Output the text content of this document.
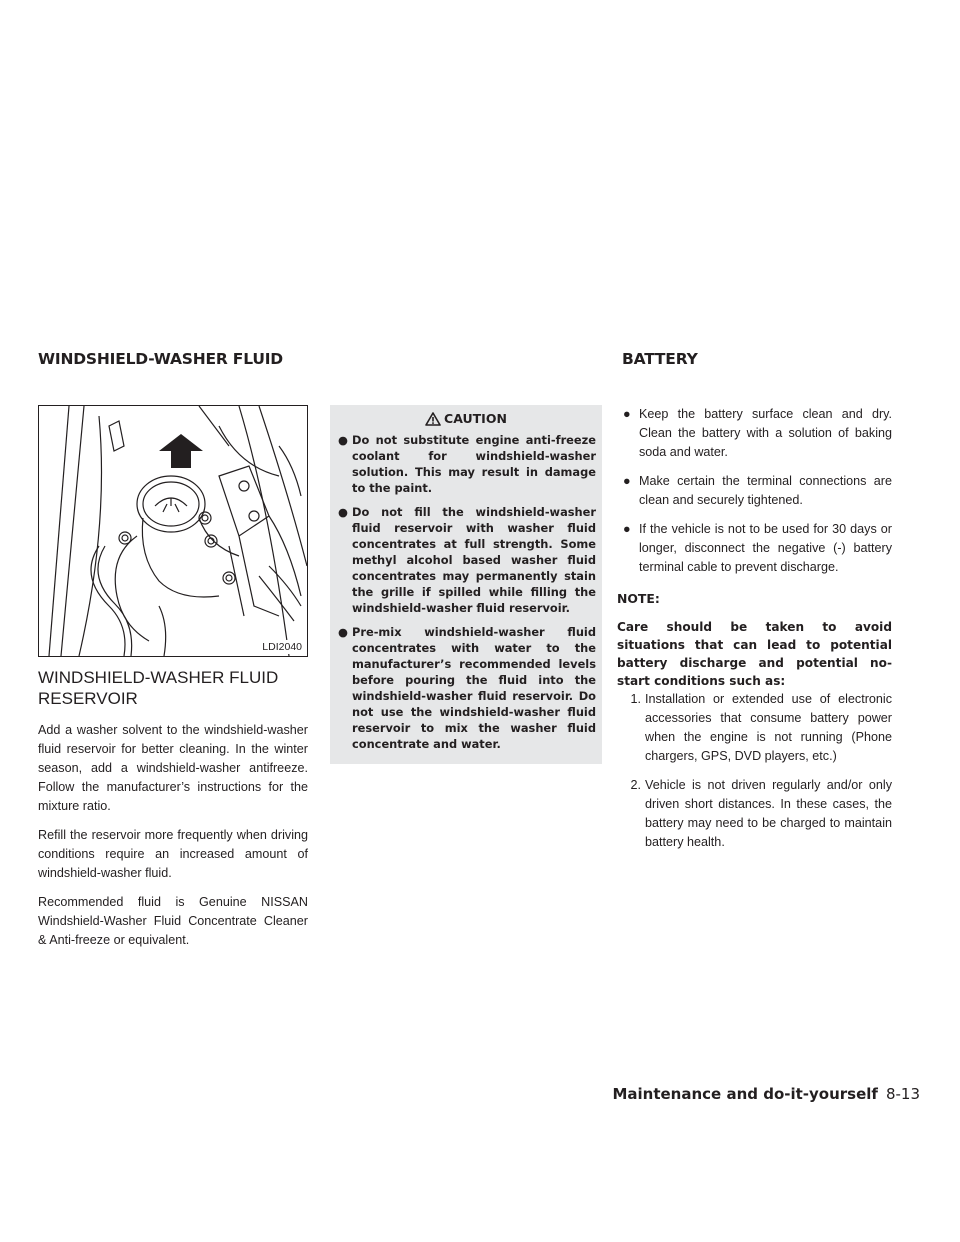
WINDSHIELD-WASHER FLUID	BATTERY
LDI2040
WINDSHIELD-WASHER FLUID RESERVOIR

Add a washer solvent to the windshield-washer fluid reservoir for better cleaning. In the winter season, add a windshield-washer antifreeze. Follow the manufacturer’s instructions for the mixture ratio.

Refill the reservoir more frequently when driving conditions require an increased amount of windshield-washer fluid.

Recommended fluid is Genuine NISSAN Windshield-Washer Fluid Concentrate Cleaner & Anti-freeze or equivalent.

CAUTION
● Do not substitute engine anti-freeze coolant for windshield-washer solution. This may result in damage to the paint.
● Do not fill the windshield-washer fluid reservoir with washer fluid concentrates at full strength. Some methyl alcohol based washer fluid concentrates may permanently stain the grille if spilled while filling the windshield-washer fluid reservoir.
● Pre-mix windshield-washer fluid concentrates with water to the manufacturer’s recommended levels before pouring the fluid into the windshield-washer fluid reservoir. Do not use the windshield-washer fluid reservoir to mix the washer fluid concentrate and water.
● Keep the battery surface clean and dry. Clean the battery with a solution of baking soda and water.
● Make certain the terminal connections are clean and securely tightened.
● If the vehicle is not to be used for 30 days or longer, disconnect the negative (-) battery terminal cable to prevent discharge.
NOTE:

Care should be taken to avoid situations that can lead to potential battery discharge and potential no-start conditions such as:

1. Installation or extended use of electronic accessories that consume battery power when the engine is not running (Phone chargers, GPS, DVD players, etc.)
2. Vehicle is not driven regularly and/or only driven short distances. In these cases, the battery may need to be charged to maintain battery health.
Maintenance and do-it-yourself 8-13
